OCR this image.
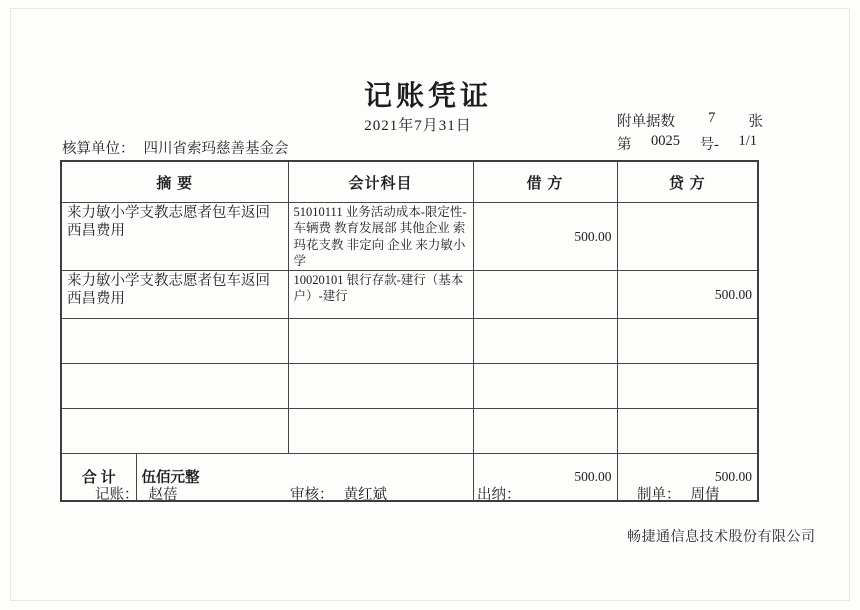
记账凭证
2021年7月31日	附单据数 7 张
第 0025 号- 1/1
核算单位： 四川省索玛慈善基金会
摘 要		会计科目	借 方	贷 方
来力敏小学支教志愿者包车返回西昌费用		51010111 业务活动成本-限定性-车辆费 教育发展部 其他企业 索玛花支教 非定向 企业 来力敏小学	500.00	
来力敏小学支教志愿者包车返回西昌费用		10020101 银行存款-建行（基本户）-建行		500.00

合 计	伍佰元整		500.00	500.00
记账： 赵蓓	审核： 黄红斌	出纳：	制单： 周倩
畅捷通信息技术股份有限公司
